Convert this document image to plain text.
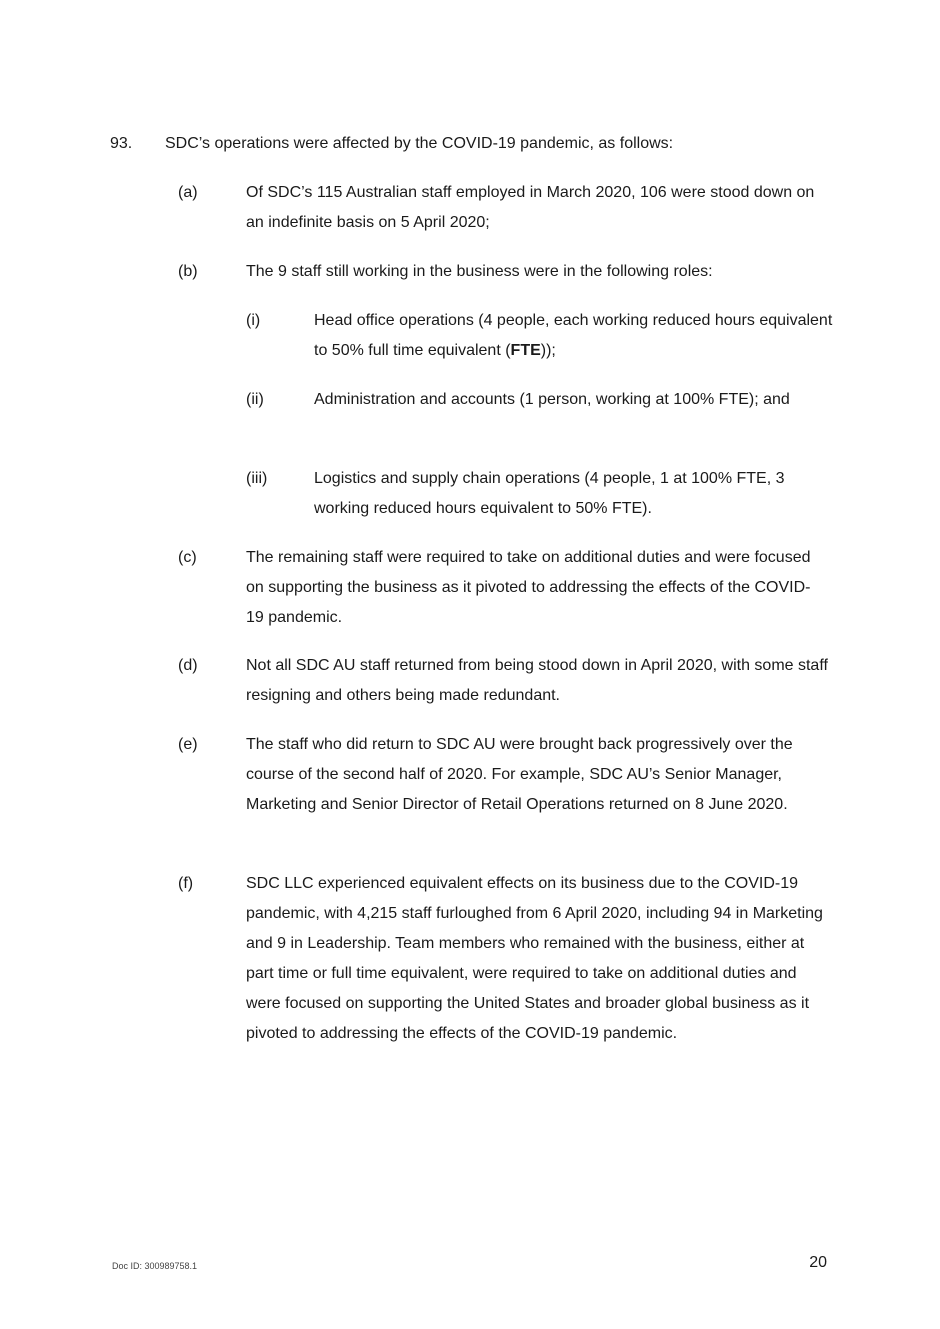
93. SDC’s operations were affected by the COVID-19 pandemic, as follows:
(a)	Of SDC’s 115 Australian staff employed in March 2020, 106 were stood down on an indefinite basis on 5 April 2020;
(b)	The 9 staff still working in the business were in the following roles:
(i)	Head office operations (4 people, each working reduced hours equivalent to 50% full time equivalent (FTE));
(ii)	Administration and accounts (1 person, working at 100% FTE); and
(iii)	Logistics and supply chain operations (4 people, 1 at 100% FTE, 3 working reduced hours equivalent to 50% FTE).
(c)	The remaining staff were required to take on additional duties and were focused on supporting the business as it pivoted to addressing the effects of the COVID-19 pandemic.
(d)	Not all SDC AU staff returned from being stood down in April 2020, with some staff resigning and others being made redundant.
(e)	The staff who did return to SDC AU were brought back progressively over the course of the second half of 2020. For example, SDC AU’s Senior Manager, Marketing and Senior Director of Retail Operations returned on 8 June 2020.
(f)	SDC LLC experienced equivalent effects on its business due to the COVID-19 pandemic, with 4,215 staff furloughed from 6 April 2020, including 94 in Marketing and 9 in Leadership. Team members who remained with the business, either at part time or full time equivalent, were required to take on additional duties and were focused on supporting the United States and broader global business as it pivoted to addressing the effects of the COVID-19 pandemic.
Doc ID: 300989758.1	20
